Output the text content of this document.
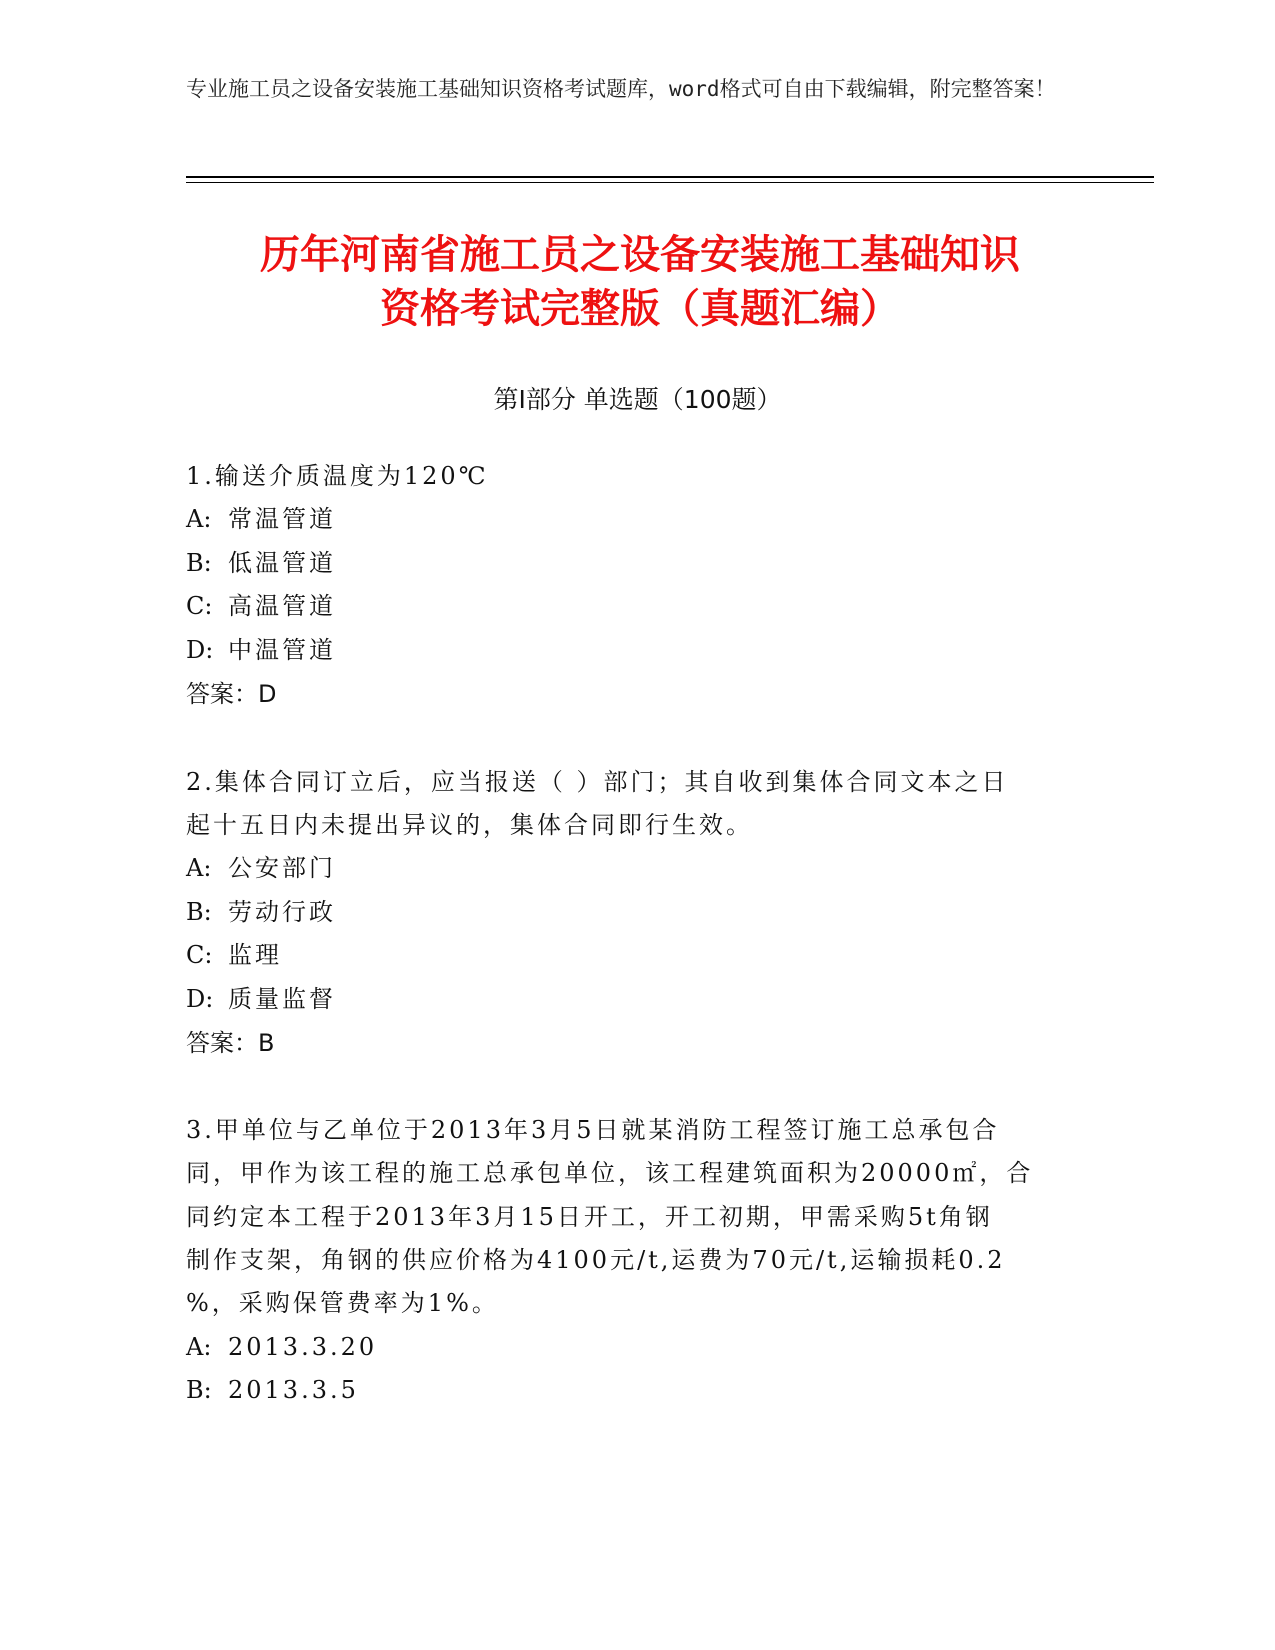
专业施工员之设备安装施工基础知识资格考试题库，word格式可自由下载编辑，附完整答案！
历年河南省施工员之设备安装施工基础知识
资格考试完整版（真题汇编）
第Ⅰ部分 单选题（100题）
1.输送介质温度为120℃
A: 常温管道
B: 低温管道
C: 高温管道
D: 中温管道
答案：D
2.集体合同订立后，应当报送（ ）部门；其自收到集体合同文本之日
起十五日内未提出异议的，集体合同即行生效。
A: 公安部门
B: 劳动行政
C: 监理
D: 质量监督
答案：B
3.甲单位与乙单位于2013年3月5日就某消防工程签订施工总承包合
同，甲作为该工程的施工总承包单位，该工程建筑面积为20000㎡，合
同约定本工程于2013年3月15日开工，开工初期，甲需采购5t角钢
制作支架，角钢的供应价格为4100元/t,运费为70元/t,运输损耗0.2
%，采购保管费率为1%。
A: 2013.3.20
B: 2013.3.5
